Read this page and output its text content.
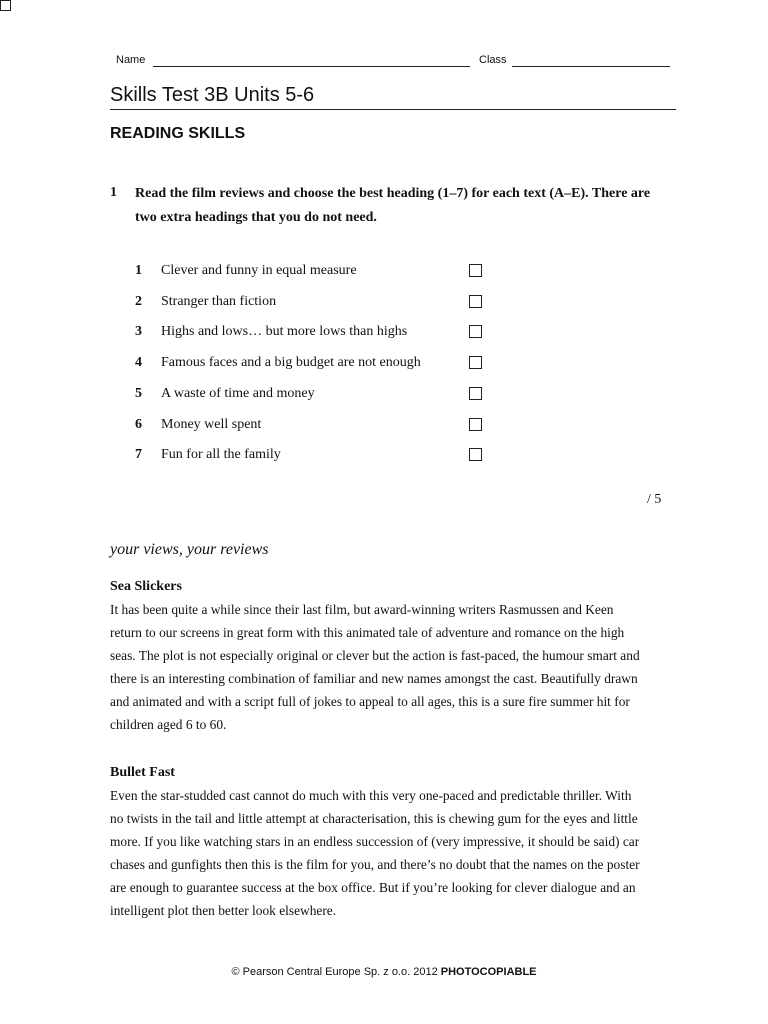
Name	Class
Skills Test 3B Units 5-6
READING SKILLS
1 Read the film reviews and choose the best heading (1–7) for each text (A–E). There are two extra headings that you do not need.
1 Clever and funny in equal measure
2 Stranger than fiction
3 Highs and lows… but more lows than highs
4 Famous faces and a big budget are not enough
5 A waste of time and money
6 Money well spent
7 Fun for all the family
/ 5
your views, your reviews
Sea Slickers
It has been quite a while since their last film, but award-winning writers Rasmussen and Keen
return to our screens in great form with this animated tale of adventure and romance on the high
seas. The plot is not especially original or clever but the action is fast-paced, the humour smart and
there is an interesting combination of familiar and new names amongst the cast. Beautifully drawn
and animated and with a script full of jokes to appeal to all ages, this is a sure fire summer hit for
children aged 6 to 60.
Bullet Fast
Even the star-studded cast cannot do much with this very one-paced and predictable thriller. With
no twists in the tail and little attempt at characterisation, this is chewing gum for the eyes and little
more. If you like watching stars in an endless succession of (very impressive, it should be said) car
chases and gunfights then this is the film for you, and there’s no doubt that the names on the poster
are enough to guarantee success at the box office. But if you’re looking for clever dialogue and an
intelligent plot then better look elsewhere.
© Pearson Central Europe Sp. z o.o. 2012 PHOTOCOPIABLE
